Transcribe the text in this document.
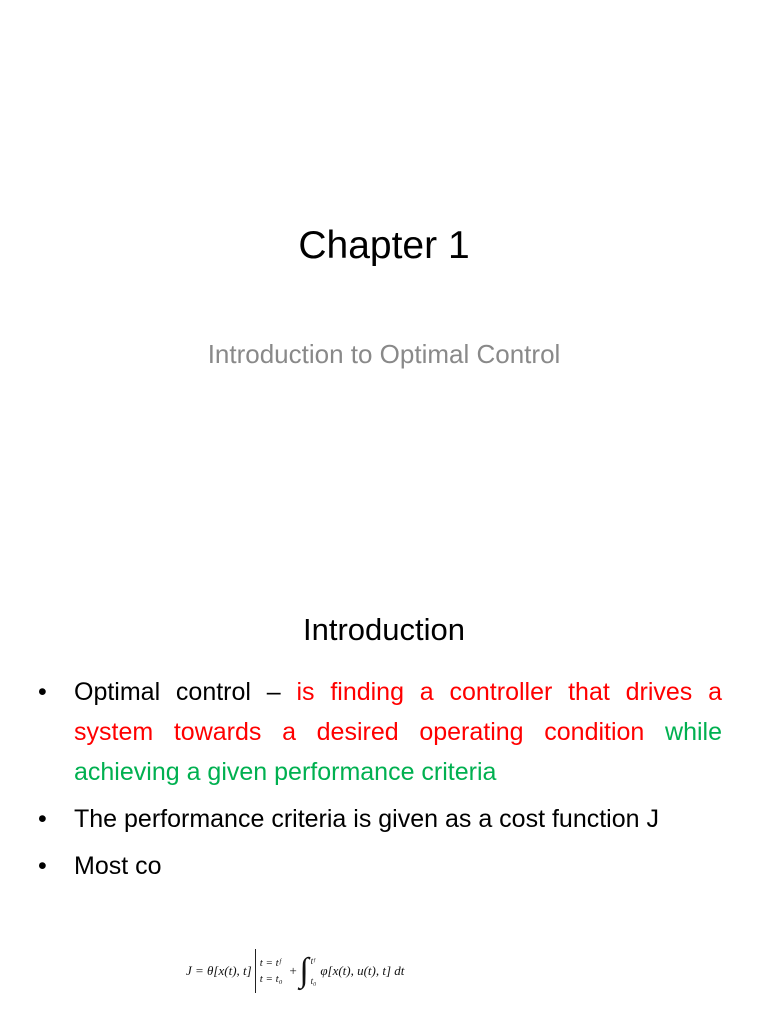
Chapter 1
Introduction to Optimal Control
Introduction
•	Optimal control – is finding a controller that drives a system towards a desired operating condition while achieving a given performance criteria
•	The performance criteria is given as a cost function J
•	Most co
J = θ[x(t), t] t = tᶠ
t = t₀
+ ∫ tᶠ
t₀
φ[x(t), u(t), t] dt
